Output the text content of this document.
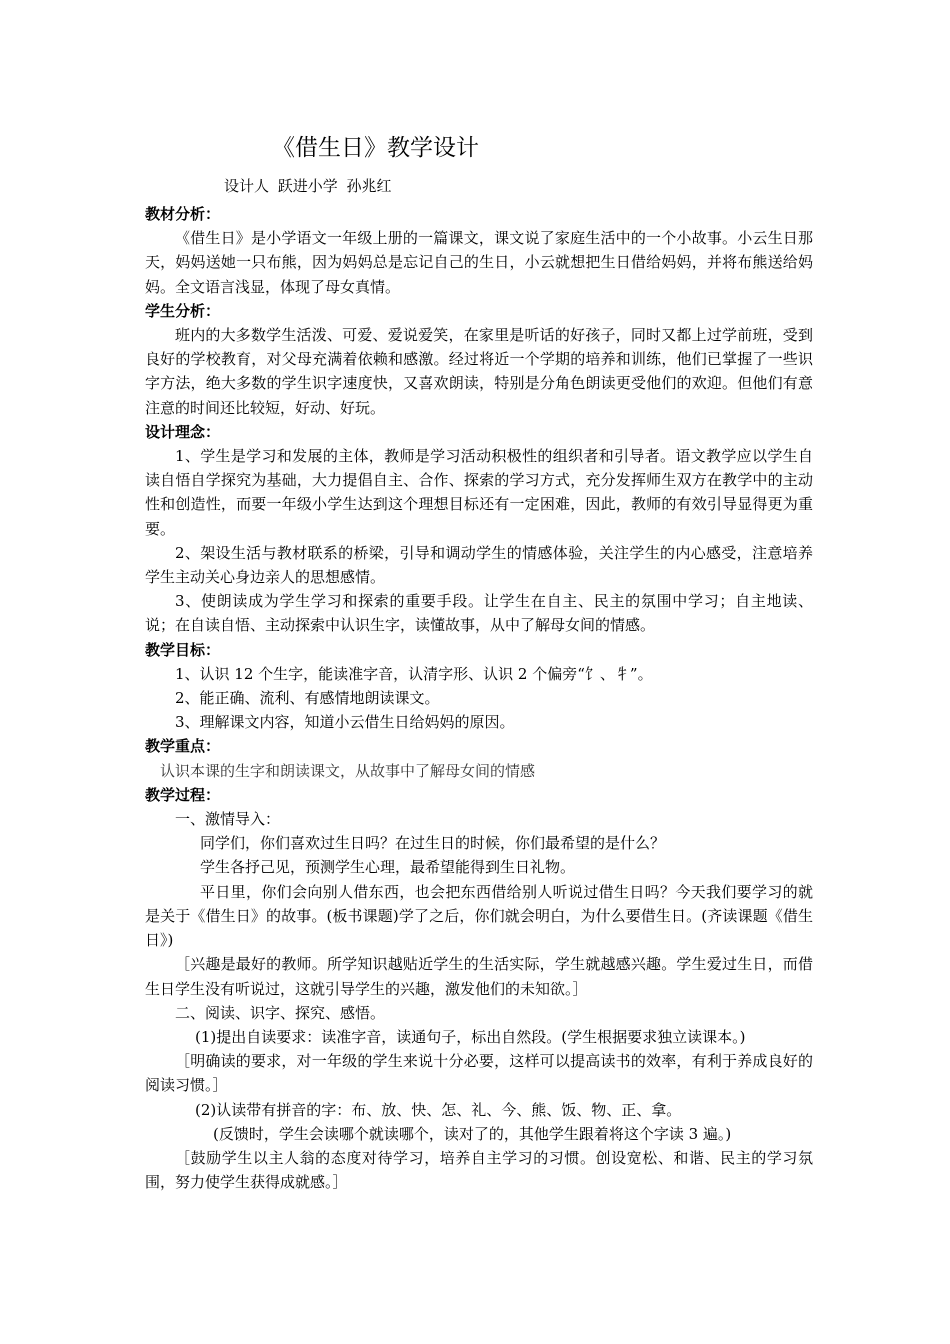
《借生日》教学设计
设计人 跃进小学 孙兆红
教材分析：

《借生日》是小学语文一年级上册的一篇课文，课文说了家庭生活中的一个小故事。小云生日那天，妈妈送她一只布熊，因为妈妈总是忘记自己的生日，小云就想把生日借给妈妈，并将布熊送给妈妈。全文语言浅显，体现了母女真情。

学生分析：

班内的大多数学生活泼、可爱、爱说爱笑，在家里是听话的好孩子，同时又都上过学前班，受到良好的学校教育，对父母充满着依赖和感激。经过将近一个学期的培养和训练，他们已掌握了一些识字方法，绝大多数的学生识字速度快，又喜欢朗读，特别是分角色朗读更受他们的欢迎。但他们有意注意的时间还比较短，好动、好玩。

设计理念：

1、学生是学习和发展的主体，教师是学习活动积极性的组织者和引导者。语文教学应以学生自读自悟自学探究为基础，大力提倡自主、合作、探索的学习方式，充分发挥师生双方在教学中的主动性和创造性，而要一年级小学生达到这个理想目标还有一定困难，因此，教师的有效引导显得更为重要。

2、架设生活与教材联系的桥梁，引导和调动学生的情感体验，关注学生的内心感受，注意培养学生主动关心身边亲人的思想感情。

3、使朗读成为学生学习和探索的重要手段。让学生在自主、民主的氛围中学习；自主地读、说；在自读自悟、主动探索中认识生字，读懂故事，从中了解母女间的情感。

教学目标：

1、认识 12 个生字，能读准字音，认清字形、认识 2 个偏旁“饣、牜”。

2、能正确、流利、有感情地朗读课文。

3、理解课文内容，知道小云借生日给妈妈的原因。

教学重点：

认识本课的生字和朗读课文，从故事中了解母女间的情感

教学过程：

一、激情导入：

同学们，你们喜欢过生日吗？在过生日的时候，你们最希望的是什么？

学生各抒己见，预测学生心理，最希望能得到生日礼物。

平日里，你们会向别人借东西，也会把东西借给别人听说过借生日吗？今天我们要学习的就是关于《借生日》的故事。(板书课题)学了之后，你们就会明白，为什么要借生日。(齐读课题《借生日》)

［兴趣是最好的教师。所学知识越贴近学生的生活实际，学生就越感兴趣。学生爱过生日，而借生日学生没有听说过，这就引导学生的兴趣，激发他们的未知欲。］

二、阅读、识字、探究、感悟。

(1)提出自读要求：读准字音，读通句子，标出自然段。(学生根据要求独立读课本。)

［明确读的要求，对一年级的学生来说十分必要，这样可以提高读书的效率，有利于养成良好的阅读习惯。］

(2)认读带有拼音的字：布、放、快、怎、礼、今、熊、饭、物、正、拿。

(反馈时，学生会读哪个就读哪个，读对了的，其他学生跟着将这个字读 3 遍。)

［鼓励学生以主人翁的态度对待学习，培养自主学习的习惯。创设宽松、和谐、民主的学习氛围，努力使学生获得成就感。］
